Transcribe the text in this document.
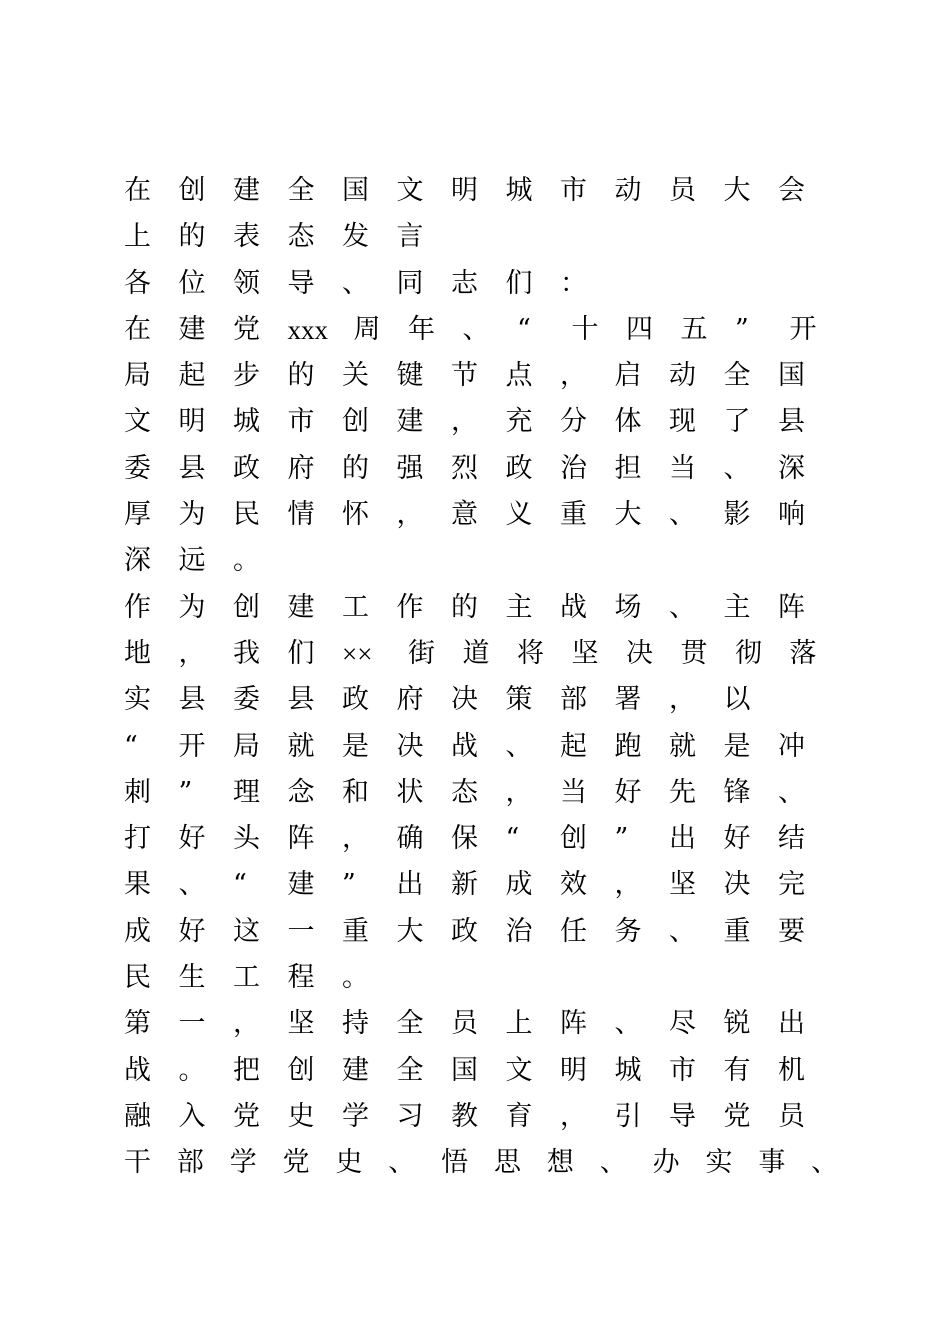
在	创	建	全	国	文	明	城	市	动	员	大	会
上	的	表	态	发	言
各	位	领	导	、	同	志	们	：
在	建	党	xxx 周	年	、	“	十	四	五	”	开
局	起	步	的	关	键	节	点	，	启	动	全	国
文	明	城	市	创	建	，	充	分	体	现	了	县
委	县	政	府	的	强	烈	政	治	担	当	、	深
厚	为	民	情	怀	，	意	义	重	大	、	影	响
深	远	。
作	为	创	建	工	作	的	主	战	场	、	主	阵
地	，	我	们	××	街	道	将	坚	决	贯	彻	落
实	县	委	县	政	府	决	策	部	署	，	以
“	开	局	就	是	决	战	、	起	跑	就	是	冲
刺	”	理	念	和	状	态	，	当	好	先	锋	、
打	好	头	阵	，	确	保	“	创	”	出	好	结
果	、	“	建	”	出	新	成	效	，	坚	决	完
成	好	这	一	重	大	政	治	任	务	、	重	要
民	生	工	程	。
第	一	，	坚	持	全	员	上	阵	、	尽	锐	出
战	。	把	创	建	全	国	文	明	城	市	有	机
融	入	党	史	学	习	教	育	，	引	导	党	员
干 部 学 党 史 、 悟 思 想 、 办 实 事 、
